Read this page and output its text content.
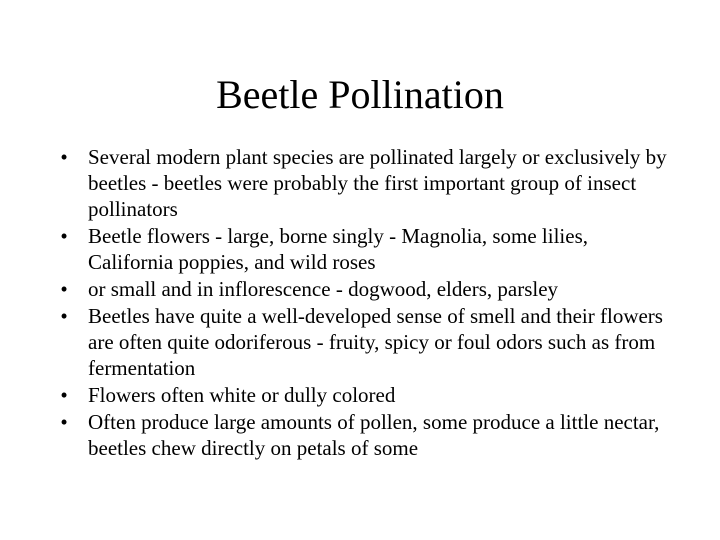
Beetle Pollination
• Several modern plant species are pollinated largely or exclusively by beetles - beetles were probably the first important group of insect pollinators
• Beetle flowers - large, borne singly - Magnolia, some lilies, California poppies, and wild roses
• or small and in inflorescence - dogwood, elders, parsley
• Beetles have quite a well-developed sense of smell and their flowers are often quite odoriferous - fruity, spicy or foul odors such as from fermentation
• Flowers often white or dully colored
• Often produce large amounts of pollen, some produce a little nectar, beetles chew directly on petals of some
